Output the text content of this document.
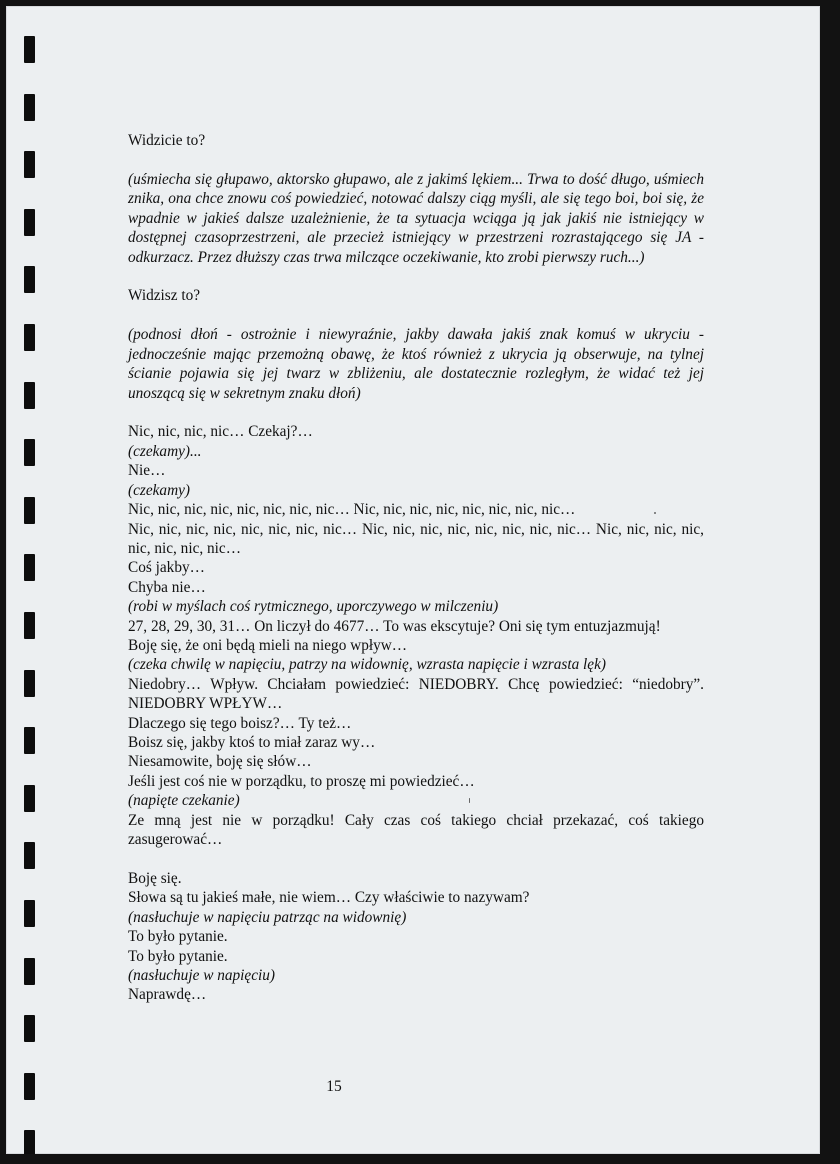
Widzicie to?

(uśmiecha się głupawo, aktorsko głupawo, ale z jakimś lękiem... Trwa to dość długo, uśmiech znika, ona chce znowu coś powiedzieć, notować dalszy ciąg myśli, ale się tego boi, boi się, że wpadnie w jakieś dalsze uzależnienie, że ta sytuacja wciąga ją jak jakiś nie istniejący w dostępnej czasoprzestrzeni, ale przecież istniejący w przestrzeni rozrastającego się JA - odkurzacz. Przez dłuższy czas trwa milczące oczekiwanie, kto zrobi pierwszy ruch...)

Widzisz to?

(podnosi dłoń - ostrożnie i niewyraźnie, jakby dawała jakiś znak komuś w ukryciu - jednocześnie mając przemożną obawę, że ktoś również z ukrycia ją obserwuje, na tylnej ścianie pojawia się jej twarz w zbliżeniu, ale dostatecznie rozległym, że widać też jej unoszącą się w sekretnym znaku dłoń)

Nic, nic, nic, nic… Czekaj?…

(czekamy)...

Nie…

(czekamy)

Nic, nic, nic, nic, nic, nic, nic, nic… Nic, nic, nic, nic, nic, nic, nic, nic…

Nic, nic, nic, nic, nic, nic, nic, nic… Nic, nic, nic, nic, nic, nic, nic, nic… Nic, nic, nic, nic, nic, nic, nic, nic…

Coś jakby…

Chyba nie…

(robi w myślach coś rytmicznego, uporczywego w milczeniu)

27, 28, 29, 30, 31… On liczył do 4677… To was ekscytuje? Oni się tym entuzjazmują!

Boję się, że oni będą mieli na niego wpływ…

(czeka chwilę w napięciu, patrzy na widownię, wzrasta napięcie i wzrasta lęk)

Niedobry… Wpływ. Chciałam powiedzieć: NIEDOBRY. Chcę powiedzieć: “niedobry”. NIEDOBRY WPŁYW…

Dlaczego się tego boisz?… Ty też…

Boisz się, jakby ktoś to miał zaraz wy…

Niesamowite, boję się słów…

Jeśli jest coś nie w porządku, to proszę mi powiedzieć…

(napięte czekanie)

Ze mną jest nie w porządku! Cały czas coś takiego chciał przekazać, coś takiego zasugerować…

Boję się.

Słowa są tu jakieś małe, nie wiem… Czy właściwie to nazywam?

(nasłuchuje w napięciu patrząc na widownię)

To było pytanie.

To było pytanie.

(nasłuchuje w napięciu)

Naprawdę…

15
